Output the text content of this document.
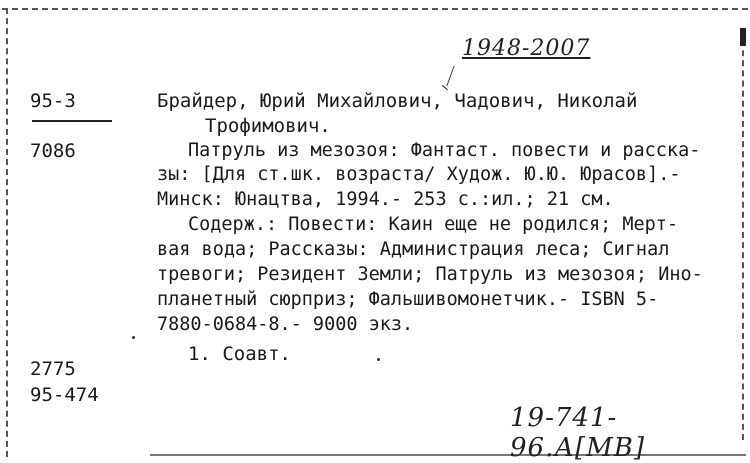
1948-2007
95-3
7086
2775
95-474
Брайдер, Юрий Михайлович, Чадович, Николай
Трофимович.
Патруль из мезозоя: Фантаст. повести и расска-
зы: [Для ст.шк. возраста/ Худож. Ю.Ю. Юрасов].-
Минск: Юнацтва, 1994.- 253 с.:ил.; 21 см.
Содерж.: Повести: Каин еще не родился; Мерт-
вая вода; Рассказы: Администрация леса; Сигнал
тревоги; Резидент Земли; Патруль из мезозоя; Ино-
планетный сюрприз; Фальшивомонетчик.- ISBN 5-
7880-0684-8.- 9000 экз.
1. Соавт.
19-741-96.А[МВ]
